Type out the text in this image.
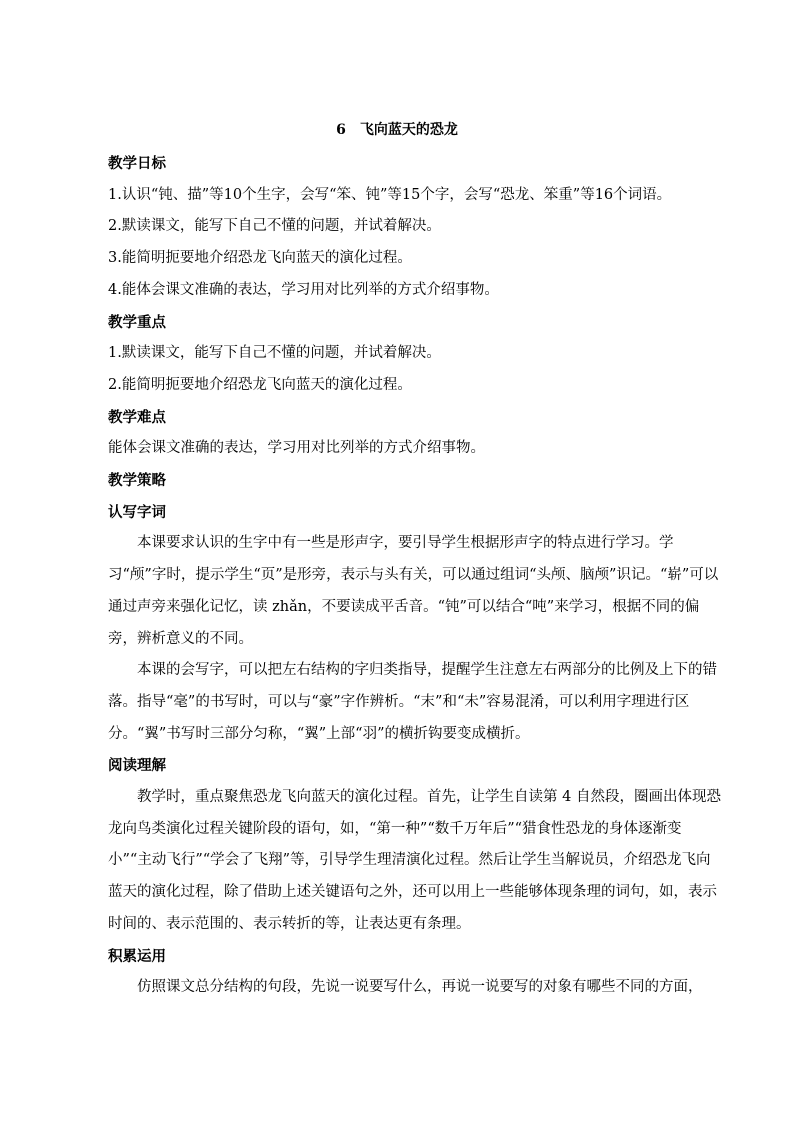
6　飞向蓝天的恐龙

教学日标

1.认识“钝、描”等10个生字，会写“笨、钝”等15个字，会写“恐龙、笨重”等16个词语。

2.默读课文，能写下自己不懂的问题，并试着解决。

3.能简明扼要地介绍恐龙飞向蓝天的演化过程。

4.能体会课文准确的表达，学习用对比列举的方式介绍事物。

教学重点

1.默读课文，能写下自己不懂的问题，并试着解决。

2.能简明扼要地介绍恐龙飞向蓝天的演化过程。

教学难点

能体会课文准确的表达，学习用对比列举的方式介绍事物。

教学策略

认写字词

本课要求认识的生字中有一些是形声字，要引导学生根据形声字的特点进行学习。学习“颅”字时，提示学生“页”是形旁，表示与头有关，可以通过组词“头颅、脑颅”识记。“崭”可以通过声旁来强化记忆，读 zhǎn，不要读成平舌音。“钝”可以结合“吨”来学习，根据不同的偏旁，辨析意义的不同。

本课的会写字，可以把左右结构的字归类指导，提醒学生注意左右两部分的比例及上下的错落。指导“毫”的书写时，可以与“豪”字作辨析。“末”和“未”容易混淆，可以利用字理进行区分。“翼”书写时三部分匀称，“翼”上部“羽”的横折钩要变成横折。

阅读理解

教学时，重点聚焦恐龙飞向蓝天的演化过程。首先，让学生自读第 4 自然段，圈画出体现恐龙向鸟类演化过程关键阶段的语句，如，“第一种”“数千万年后”“猎食性恐龙的身体逐渐变小”“主动飞行”“学会了飞翔”等，引导学生理清演化过程。然后让学生当解说员，介绍恐龙飞向蓝天的演化过程，除了借助上述关键语句之外，还可以用上一些能够体现条理的词句，如，表示时间的、表示范围的、表示转折的等，让表达更有条理。

积累运用

仿照课文总分结构的句段，先说一说要写什么，再说一说要写的对象有哪些不同的方面，
